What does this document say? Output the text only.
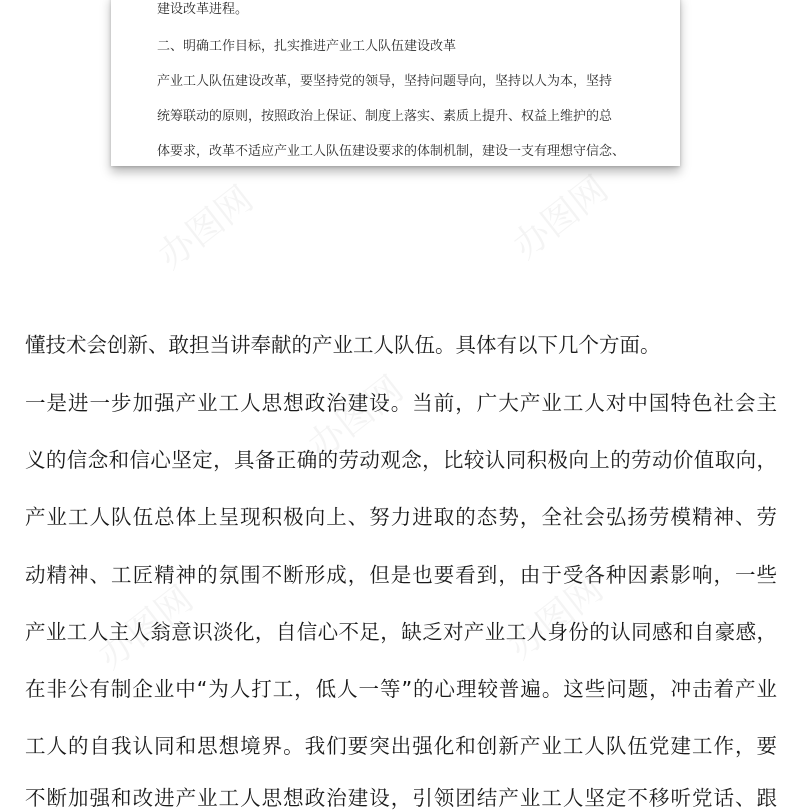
办图网	办图网
办图网
办图网	办图网
建设改革进程。
二、明确工作目标，扎实推进产业工人队伍建设改革
产业工人队伍建设改革，要坚持党的领导，坚持问题导向，坚持以人为本，坚持
统筹联动的原则，按照政治上保证、制度上落实、素质上提升、权益上维护的总
体要求，改革不适应产业工人队伍建设要求的体制机制，建设一支有理想守信念、
懂技术会创新、敢担当讲奉献的产业工人队伍。具体有以下几个方面。
一是进一步加强产业工人思想政治建设。当前，广大产业工人对中国特色社会主
义的信念和信心坚定，具备正确的劳动观念，比较认同积极向上的劳动价值取向，
产业工人队伍总体上呈现积极向上、努力进取的态势，全社会弘扬劳模精神、劳
动精神、工匠精神的氛围不断形成，但是也要看到，由于受各种因素影响，一些
产业工人主人翁意识淡化，自信心不足，缺乏对产业工人身份的认同感和自豪感，
在非公有制企业中“为人打工，低人一等”的心理较普遍。这些问题，冲击着产业
工人的自我认同和思想境界。我们要突出强化和创新产业工人队伍党建工作，要
不断加强和改进产业工人思想政治建设，引领团结产业工人坚定不移听党话、跟
